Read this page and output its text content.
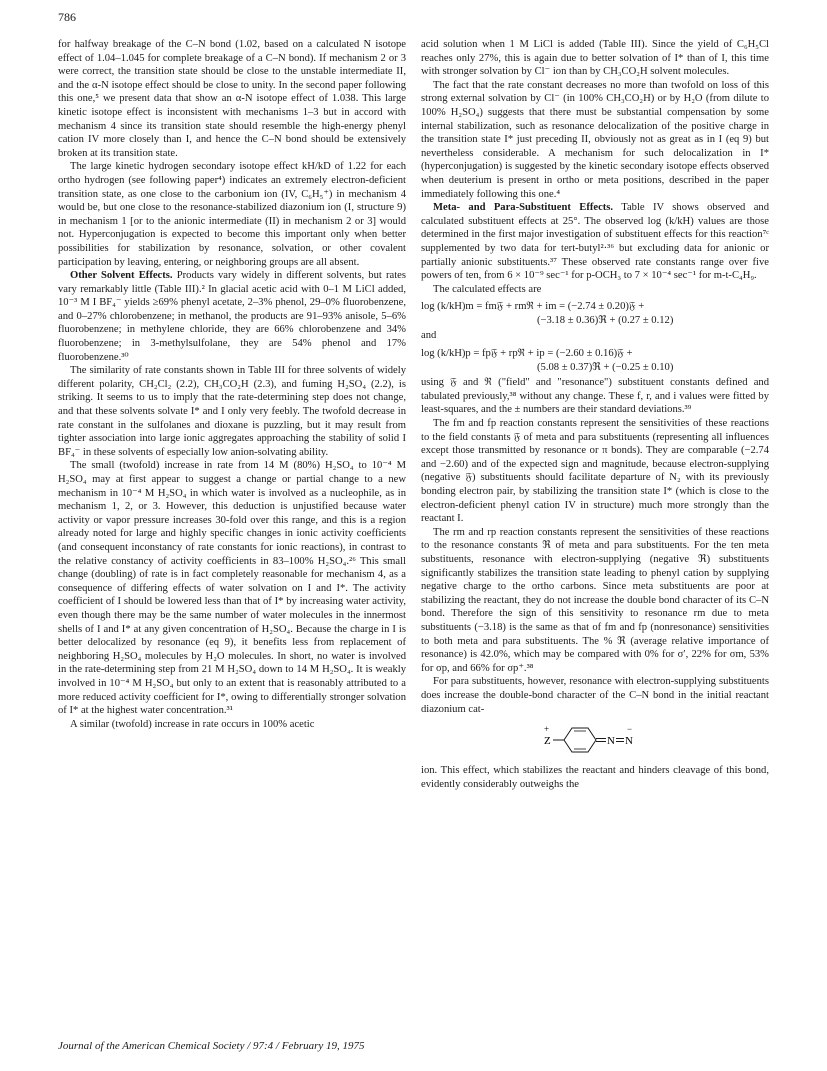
786

for halfway breakage of the C–N bond (1.02, based on a calculated N isotope effect of 1.04–1.045 for complete breakage of a C–N bond). If mechanism 2 or 3 were correct, the transition state should be close to the unstable intermediate II, and the α-N isotope effect should be close to unity. In the second paper following this one,⁵ we present data that show an α-N isotope effect of 1.038. This large kinetic isotope effect is inconsistent with mechanisms 1–3 but in accord with mechanism 4 since its transition state should resemble the high-energy phenyl cation IV more closely than I, and hence the C–N bond should be extensively broken at its transition state.

The large kinetic hydrogen secondary isotope effect kH/kD of 1.22 for each ortho hydrogen (see following paper⁴) indicates an extremely electron-deficient transition state, as one close to the carbonium ion (IV, C₆H₅⁺) in mechanism 4 would be, but one close to the resonance-stabilized diazonium ion (I, structure 9) in mechanism 1 [or to the anionic intermediate (II) in mechanism 2 or 3] would not. Hyperconjugation is expected to become this important only when better possibilities for stabilization by resonance, solvation, or other covalent participation by leaving, entering, or neighboring groups are all absent.

Other Solvent Effects. Products vary widely in different solvents, but rates vary remarkably little (Table III).² In glacial acetic acid with 0–1 M LiCl added, 10⁻³ M I BF₄⁻ yields ≥69% phenyl acetate, 2–3% phenol, 29–0% fluorobenzene, and 0–27% chlorobenzene; in methanol, the products are 91–93% anisole, 5–6% fluorobenzene; in methylene chloride, they are 66% chlorobenzene and 34% fluorobenzene; in 3-methylsulfolane, they are 54% phenol and 17% fluorobenzene.³⁰

The similarity of rate constants shown in Table III for three solvents of widely different polarity, CH₂Cl₂ (2.2), CH₃CO₂H (2.3), and fuming H₂SO₄ (2.2), is striking. It seems to us to imply that the rate-determining step does not change, and that these solvents solvate I* and I only very feebly. The twofold decrease in rate constant in the sulfolanes and dioxane is puzzling, but it may result from tighter association into large ionic aggregates approaching the stability of solid I BF₄⁻ in these solvents of especially low anion-solvating ability.

The small (twofold) increase in rate from 14 M (80%) H₂SO₄ to 10⁻⁴ M H₂SO₄ may at first appear to suggest a change or partial change to a new mechanism in 10⁻⁴ M H₂SO₄ in which water is involved as a nucleophile, as in mechanism 1, 2, or 3. However, this deduction is unjustified because water activity or vapor pressure increases 30-fold over this range, and this is a region already noted for large and highly specific changes in ionic activity coefficients (and consequent inconstancy of rate constants for ionic reactions), in contrast to the relative constancy of activity coefficients in 83–100% H₂SO₄.²⁶ This small change (doubling) of rate is in fact completely reasonable for mechanism 4, as a consequence of differing effects of water solvation on I and I*. The activity coefficient of I should be lowered less than that of I* by increasing water activity, even though there may be the same number of water molecules in the innermost shells of I and I* at any given concentration of H₂SO₄. Because the charge in I is better delocalized by resonance (eq 9), it benefits less from replacement of neighboring H₂SO₄ molecules by H₂O molecules. In short, no water is involved in the rate-determining step from 21 M H₂SO₄ down to 14 M H₂SO₄. It is weakly involved in 10⁻⁴ M H₂SO₄ but only to an extent that is reasonably attributed to a more reduced activity coefficient for I*, owing to differentially stronger solvation of I* at the highest water concentration.³¹

A similar (twofold) increase in rate occurs in 100% acetic

acid solution when 1 M LiCl is added (Table III). Since the yield of C₆H₅Cl reaches only 27%, this is again due to better solvation of I* than of I, this time with stronger solvation by Cl⁻ ion than by CH₃CO₂H solvent molecules.

The fact that the rate constant decreases no more than twofold on loss of this strong external solvation by Cl⁻ (in 100% CH₃CO₂H) or by H₂O (from dilute to 100% H₂SO₄) suggests that there must be substantial compensation by some internal stabilization, such as resonance delocalization of the positive charge in the transition state I* just preceding II, obviously not as great as in I (eq 9) but nevertheless considerable. A mechanism for such delocalization in I* (hyperconjugation) is suggested by the kinetic secondary isotope effects observed when deuterium is present in ortho or meta positions, described in the paper immediately following this one.⁴

Meta- and Para-Substituent Effects. Table IV shows observed and calculated substituent effects at 25°. The observed log (k/kH) values are those determined in the first major investigation of substituent effects for this reaction⁷ᶜ supplemented by two data for tert-butyl²·³⁶ but excluding data for anionic or partially anionic substituents.³⁷ These observed rate constants range over five powers of ten, from 6 × 10⁻⁹ sec⁻¹ for p-OCH₃ to 7 × 10⁻⁴ sec⁻¹ for m-t-C₄H₉.

The calculated effects are

log (k/kH)m = fm𝔉 + rmℜ + im = (−2.74 ± 0.20)𝔉 +
(−3.18 ± 0.36)ℜ + (0.27 ± 0.12)
and
log (k/kH)p = fp𝔉 + rpℜ + ip = (−2.60 ± 0.16)𝔉 +
(5.08 ± 0.37)ℜ + (−0.25 ± 0.10)

using 𝔉 and ℜ ("field" and "resonance") substituent constants defined and tabulated previously,³⁸ without any change. These f, r, and i values were fitted by least-squares, and the ± numbers are their standard deviations.³⁹

The fm and fp reaction constants represent the sensitivities of these reactions to the field constants 𝔉 of meta and para substituents (representing all influences except those transmitted by resonance or π bonds). They are comparable (−2.74 and −2.60) and of the expected sign and magnitude, because electron-supplying (negative 𝔉) substituents should facilitate departure of N₂ with its previously bonding electron pair, by stabilizing the transition state I* (which is close to the electron-deficient phenyl cation IV in structure) much more strongly than the reactant I.

The rm and rp reaction constants represent the sensitivities of these reactions to the resonance constants ℜ of meta and para substituents. For the ten meta substituents, resonance with electron-supplying (negative ℜ) substituents significantly stabilizes the transition state leading to phenyl cation by supplying negative charge to the ortho carbons. Since meta substituents are poor at stabilizing the reactant, they do not increase the double bond character of its C–N bond. Therefore the sign of this sensitivity to resonance rm due to meta substituents (−3.18) is the same as that of fm and fp (nonresonance) sensitivities to both meta and para substituents. The % ℜ (average relative importance of resonance) is 42.0%, which may be compared with 0% for σ′, 22% for σm, 53% for σp, and 66% for σp⁺.³⁸

For para substituents, however, resonance with electron-supplying substituents does increase the double-bond character of the C–N bond in the initial reactant diazonium cat-

Z
+
N N
−

ion. This effect, which stabilizes the reactant and hinders cleavage of this bond, evidently considerably outweighs the

Journal of the American Chemical Society / 97:4 / February 19, 1975
